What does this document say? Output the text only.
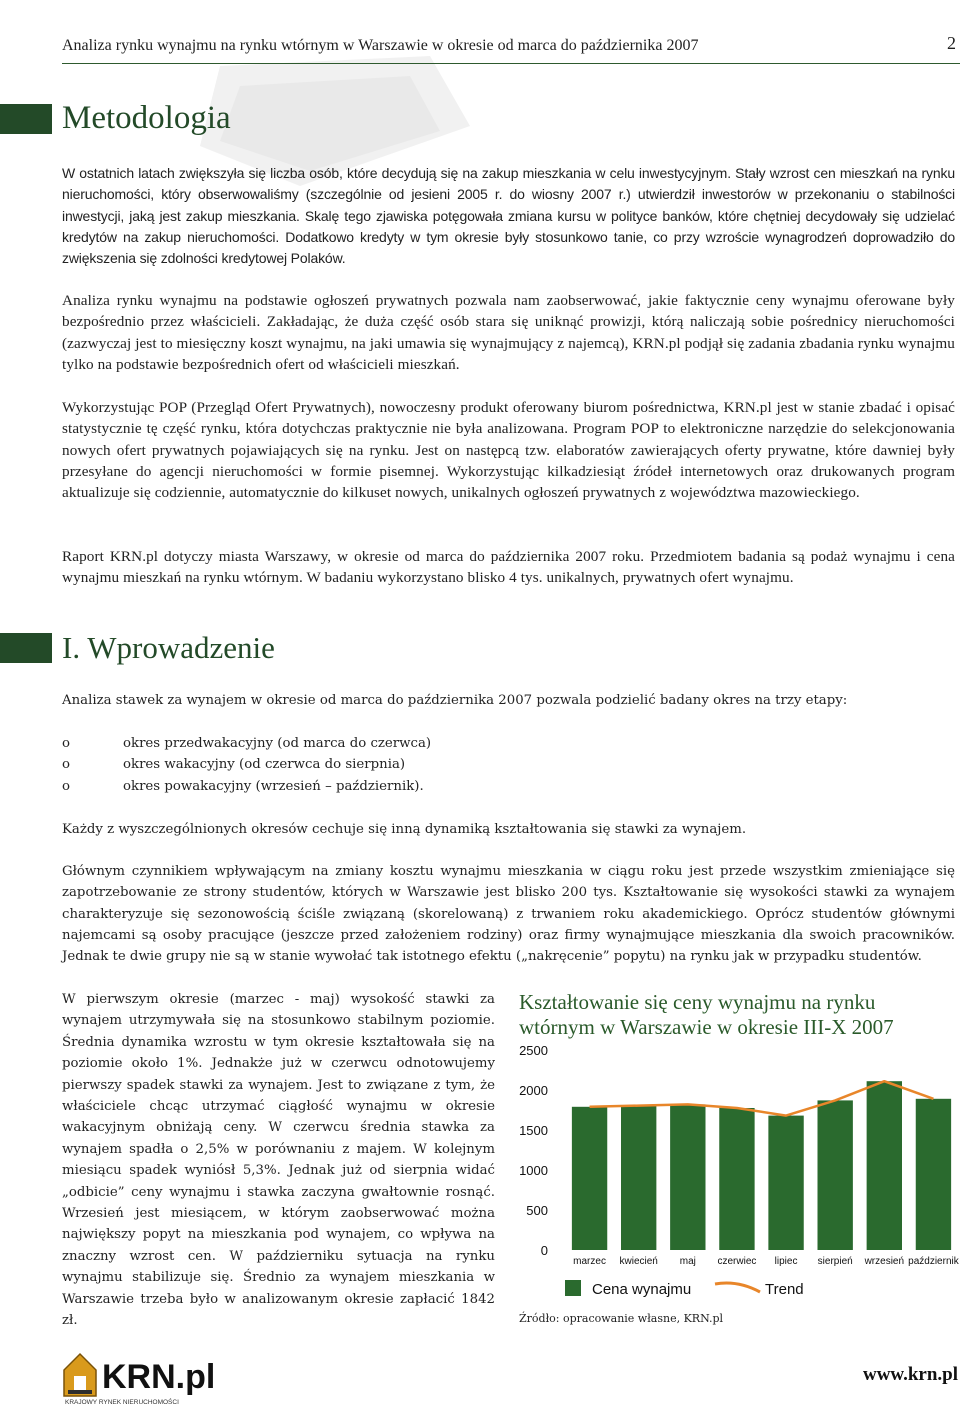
Analiza rynku wynajmu na rynku wtórnym w Warszawie w okresie od marca do października 2007	2
Metodologia

W ostatnich latach zwiększyła się liczba osób, które decydują się na zakup mieszkania w celu inwestycyjnym. Stały wzrost cen mieszkań na rynku nieruchomości, który obserwowaliśmy (szczególnie od jesieni 2005 r. do wiosny 2007 r.) utwierdził inwestorów w przekonaniu o stabilności inwestycji, jaką jest zakup mieszkania. Skalę tego zjawiska potęgowała zmiana kursu w polityce banków, które chętniej decydowały się udzielać kredytów na zakup nieruchomości. Dodatkowo kredyty w tym okresie były stosunkowo tanie, co przy wzroście wynagrodzeń doprowadziło do zwiększenia się zdolności kredytowej Polaków.

Analiza rynku wynajmu na podstawie ogłoszeń prywatnych pozwala nam zaobserwować, jakie faktycznie ceny wynajmu oferowane były bezpośrednio przez właścicieli. Zakładając, że duża część osób stara się uniknąć prowizji, którą naliczają sobie pośrednicy nieruchomości (zazwyczaj jest to miesięczny koszt wynajmu, na jaki umawia się wynajmujący z najemcą), KRN.pl podjął się zadania zbadania rynku wynajmu tylko na podstawie bezpośrednich ofert od właścicieli mieszkań.

Wykorzystując POP (Przegląd Ofert Prywatnych), nowoczesny produkt oferowany biurom pośrednictwa, KRN.pl jest w stanie zbadać i opisać statystycznie tę część rynku, która dotychczas praktycznie nie była analizowana. Program POP to elektroniczne narzędzie do selekcjonowania nowych ofert prywatnych pojawiających się na rynku. Jest on następcą tzw. elaboratów zawierających oferty prywatne, które dawniej były przesyłane do agencji nieruchomości w formie pisemnej. Wykorzystując kilkadziesiąt źródeł internetowych oraz drukowanych program aktualizuje się codziennie, automatycznie do kilkuset nowych, unikalnych ogłoszeń prywatnych z województwa mazowieckiego.

Raport KRN.pl dotyczy miasta Warszawy, w okresie od marca do października 2007 roku. Przedmiotem badania są podaż wynajmu i cena wynajmu mieszkań na rynku wtórnym. W badaniu wykorzystano blisko 4 tys. unikalnych, prywatnych ofert wynajmu.

I. Wprowadzenie

Analiza stawek za wynajem w okresie od marca do października 2007 pozwala podzielić badany okres na trzy etapy:

o	okres przedwakacyjny (od marca do czerwca)
o	okres wakacyjny (od czerwca do sierpnia)
o	okres powakacyjny (wrzesień – październik).

Każdy z wyszczególnionych okresów cechuje się inną dynamiką kształtowania się stawki za wynajem.

Głównym czynnikiem wpływającym na zmiany kosztu wynajmu mieszkania w ciągu roku jest przede wszystkim zmieniające się zapotrzebowanie ze strony studentów, których w Warszawie jest blisko 200 tys. Kształtowanie się wysokości stawki za wynajem charakteryzuje się sezonowością ściśle związaną (skorelowaną) z trwaniem roku akademickiego. Oprócz studentów głównymi najemcami są osoby pracujące (jeszcze przed założeniem rodziny) oraz firmy wynajmujące mieszkania dla swoich pracowników. Jednak te dwie grupy nie są w stanie wywołać tak istotnego efektu („nakręcenie” popytu) na rynku jak w przypadku studentów.

W pierwszym okresie (marzec - maj) wysokość stawki za wynajem utrzymywała się na stosunkowo stabilnym poziomie. Średnia dynamika wzrostu w tym okresie kształtowała się na poziomie około 1%. Jednakże już w czerwcu odnotowujemy pierwszy spadek stawki za wynajem. Jest to związane z tym, że właściciele chcąc utrzymać ciągłość wynajmu w okresie wakacyjnym obniżają ceny. W czerwcu średnia stawka za wynajem spadła o 2,5% w porównaniu z majem. W kolejnym miesiącu spadek wyniósł 5,3%. Jednak już od sierpnia widać „odbicie” ceny wynajmu i stawka zaczyna gwałtownie rosnąć. Wrzesień jest miesiącem, w którym zaobserwować można największy popyt na mieszkania pod wynajem, co wpływa na znaczny wzrost cen. W październiku sytuacja na rynku wynajmu stabilizuje się. Średnio za wynajem mieszkania w Warszawie trzeba było w analizowanym okresie zapłacić 1842 zł.

Kształtowanie się ceny wynajmu na rynku wtórnym w Warszawie w okresie III-X 2007
0
500
1000
1500
2000
2500
marzec kwiecień maj czerwiec lipiec sierpień wrzesień październik
Cena wynajmu	Trend
Źródło: opracowanie własne, KRN.pl
KRN.pl
KRAJOWY RYNEK NIERUCHOMOŚCI
www.krn.pl
